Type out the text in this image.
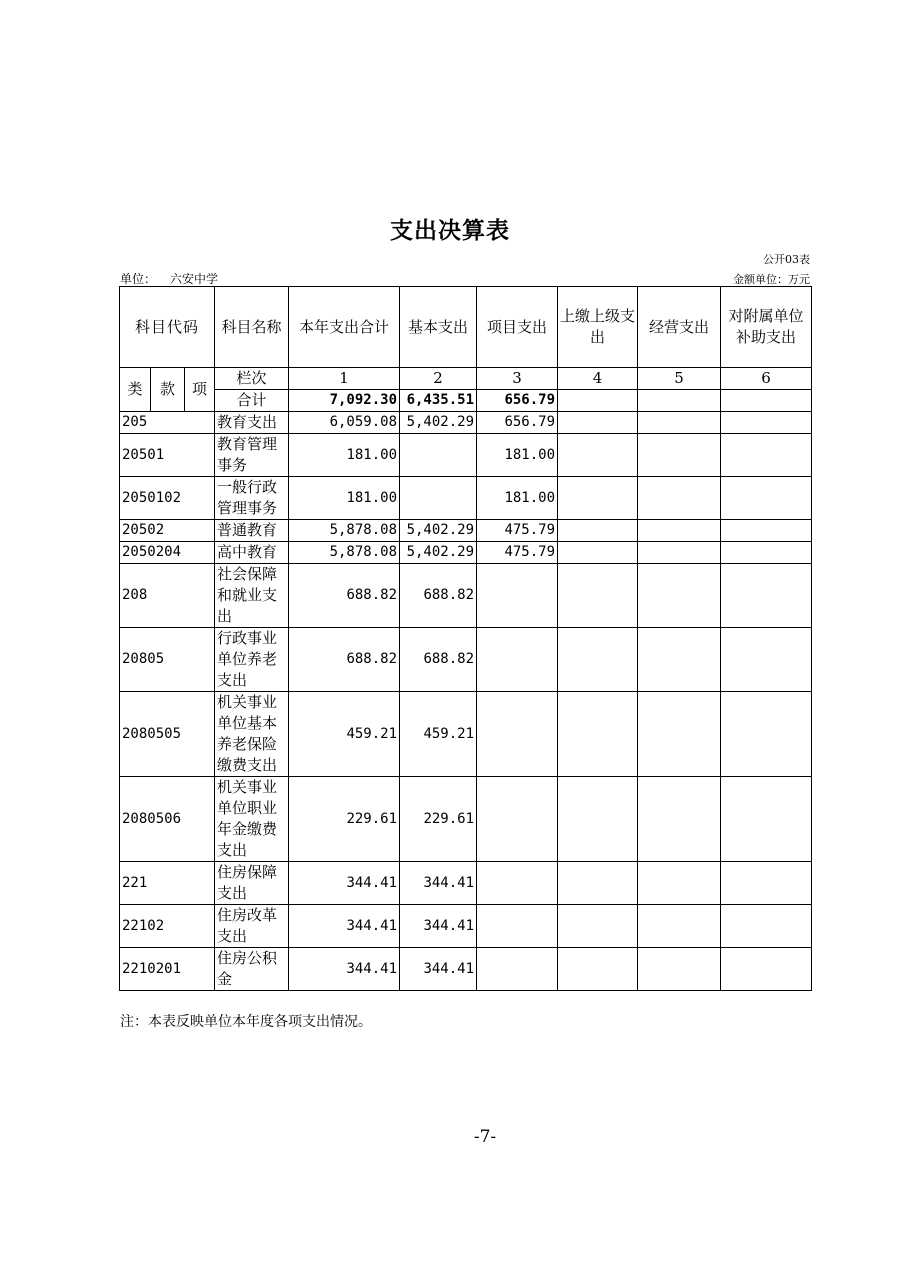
支出决算表
公开03表
单位： 六安中学	金额单位：万元
科目代码			科目名称	本年支出合计	基本支出	项目支出	上缴上级支出	经营支出	对附属单位补助支出
类	款	项	栏次	1	2	3	4	5	6
			合计	7,092.30	6,435.51	656.79			
205			教育支出	6,059.08	5,402.29	656.79			
20501			教育管理事务	181.00		181.00			
2050102			一般行政管理事务	181.00		181.00			
20502			普通教育	5,878.08	5,402.29	475.79			
2050204			高中教育	5,878.08	5,402.29	475.79			
208			社会保障和就业支出	688.82	688.82				
20805			行政事业单位养老支出	688.82	688.82				
2080505			机关事业单位基本养老保险缴费支出	459.21	459.21				
2080506			机关事业单位职业年金缴费支出	229.61	229.61				
221			住房保障支出	344.41	344.41				
22102			住房改革支出	344.41	344.41				
2210201			住房公积金	344.41	344.41				
注：本表反映单位本年度各项支出情况。
-7-
